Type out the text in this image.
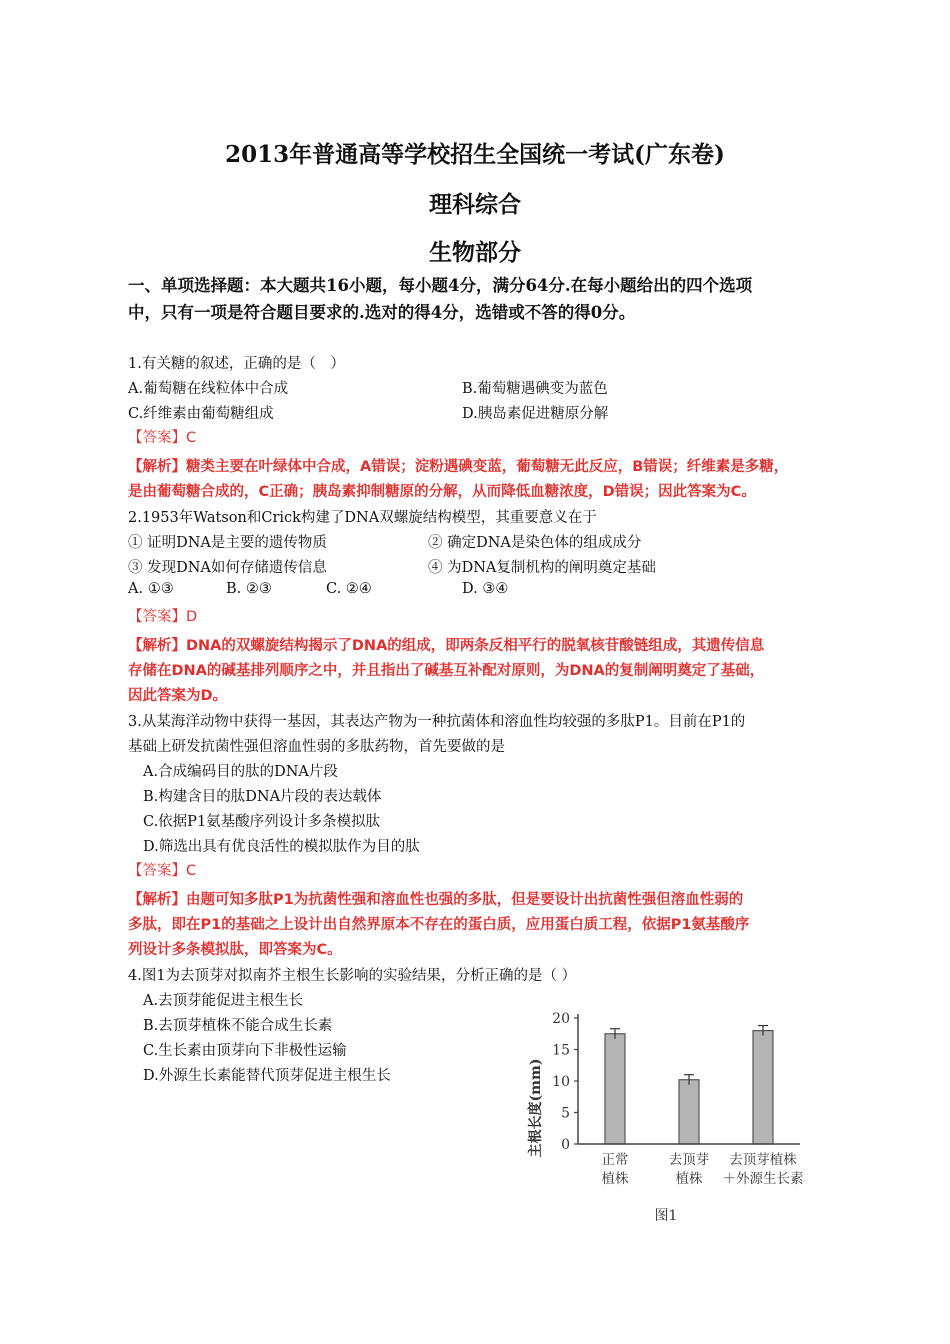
2013年普通高等学校招生全国统一考试(广东卷)
理科综合
生物部分
一、单项选择题：本大题共16小题，每小题4分，满分64分.在每小题给出的四个选项
中，只有一项是符合题目要求的.选对的得4分，选错或不答的得0分。
1.有关糖的叙述，正确的是（　）
A.葡萄糖在线粒体中合成	B.葡萄糖遇碘变为蓝色
C.纤维素由葡萄糖组成	D.胰岛素促进糖原分解
【答案】C
【解析】糖类主要在叶绿体中合成，A错误；淀粉遇碘变蓝，葡萄糖无此反应，B错误；纤维素是多糖，
是由葡萄糖合成的，C正确；胰岛素抑制糖原的分解，从而降低血糖浓度，D错误；因此答案为C。
2.1953年Watson和Crick构建了DNA双螺旋结构模型，其重要意义在于
① 证明DNA是主要的遗传物质	② 确定DNA是染色体的组成成分
③ 发现DNA如何存储遗传信息	④ 为DNA复制机构的阐明奠定基础
A. ①③	B. ②③	C. ②④	D. ③④
【答案】D
【解析】DNA的双螺旋结构揭示了DNA的组成，即两条反相平行的脱氧核苷酸链组成，其遗传信息
存储在DNA的碱基排列顺序之中，并且指出了碱基互补配对原则，为DNA的复制阐明奠定了基础，
因此答案为D。
3.从某海洋动物中获得一基因，其表达产物为一种抗菌体和溶血性均较强的多肽P1。目前在P1的
基础上研发抗菌性强但溶血性弱的多肽药物，首先要做的是
A.合成编码目的肽的DNA片段
B.构建含目的肽DNA片段的表达载体
C.依据P1氨基酸序列设计多条模拟肽
D.筛选出具有优良活性的模拟肽作为目的肽
【答案】C
【解析】由题可知多肽P1为抗菌性强和溶血性也强的多肽，但是要设计出抗菌性强但溶血性弱的
多肽，即在P1的基础之上设计出自然界原本不存在的蛋白质，应用蛋白质工程，依据P1氨基酸序
列设计多条模拟肽，即答案为C。
4.图1为去顶芽对拟南芥主根生长影响的实验结果，分析正确的是（ ）
A.去顶芽能促进主根生长
B.去顶芽植株不能合成生长素
C.生长素由顶芽向下非极性运输
D.外源生长素能替代顶芽促进主根生长	主根长度(mm) 0
5
10
15
20
正常
植株
去顶芽
植株
去顶芽植株
＋外源生长素
图1
